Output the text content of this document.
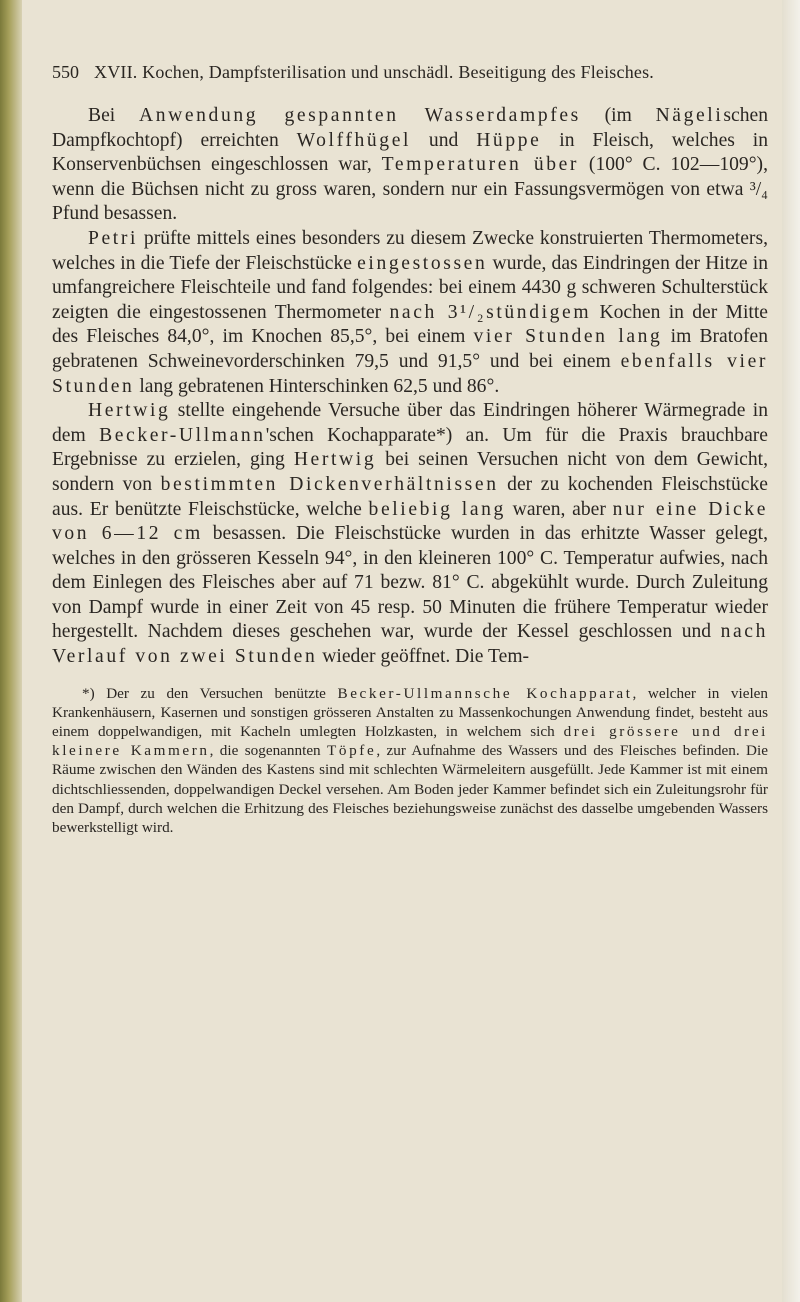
550 XVII. Kochen, Dampfsterilisation und unschädl. Beseitigung des Fleisches.

Bei Anwendung gespannten Wasserdampfes (im Nägelischen Dampfkochtopf) erreichten Wolffhügel und Hüppe in Fleisch, welches in Konservenbüchsen eingeschlossen war, Temperaturen über (100° C. 102—109°), wenn die Büchsen nicht zu gross waren, sondern nur ein Fassungsvermögen von etwa ³/₄ Pfund besassen.

Petri prüfte mittels eines besonders zu diesem Zwecke konstruierten Thermometers, welches in die Tiefe der Fleischstücke eingestossen wurde, das Eindringen der Hitze in umfangreichere Fleischteile und fand folgendes: bei einem 4430 g schweren Schulterstück zeigten die eingestossenen Thermometer nach 3¹/₂stündigem Kochen in der Mitte des Fleisches 84,0°, im Knochen 85,5°, bei einem vier Stunden lang im Bratofen gebratenen Schweinevorderschinken 79,5 und 91,5° und bei einem ebenfalls vier Stunden lang gebratenen Hinterschinken 62,5 und 86°.

Hertwig stellte eingehende Versuche über das Eindringen höherer Wärmegrade in dem Becker-Ullmann'schen Kochapparate*) an. Um für die Praxis brauchbare Ergebnisse zu erzielen, ging Hertwig bei seinen Versuchen nicht von dem Gewicht, sondern von bestimmten Dickenverhältnissen der zu kochenden Fleischstücke aus. Er benützte Fleischstücke, welche beliebig lang waren, aber nur eine Dicke von 6—12 cm besassen. Die Fleischstücke wurden in das erhitzte Wasser gelegt, welches in den grösseren Kesseln 94°, in den kleineren 100° C. Temperatur aufwies, nach dem Einlegen des Fleisches aber auf 71 bezw. 81° C. abgekühlt wurde. Durch Zuleitung von Dampf wurde in einer Zeit von 45 resp. 50 Minuten die frühere Temperatur wieder hergestellt. Nachdem dieses geschehen war, wurde der Kessel geschlossen und nach Verlauf von zwei Stunden wieder geöffnet. Die Tem-

*) Der zu den Versuchen benützte Becker-Ullmannsche Kochapparat, welcher in vielen Krankenhäusern, Kasernen und sonstigen grösseren Anstalten zu Massenkochungen Anwendung findet, besteht aus einem doppelwandigen, mit Kacheln umlegten Holzkasten, in welchem sich drei grössere und drei kleinere Kammern, die sogenannten Töpfe, zur Aufnahme des Wassers und des Fleisches befinden. Die Räume zwischen den Wänden des Kastens sind mit schlechten Wärmeleitern ausgefüllt. Jede Kammer ist mit einem dichtschliessenden, doppelwandigen Deckel versehen. Am Boden jeder Kammer befindet sich ein Zuleitungsrohr für den Dampf, durch welchen die Erhitzung des Fleisches beziehungsweise zunächst des dasselbe umgebenden Wassers bewerkstelligt wird.
